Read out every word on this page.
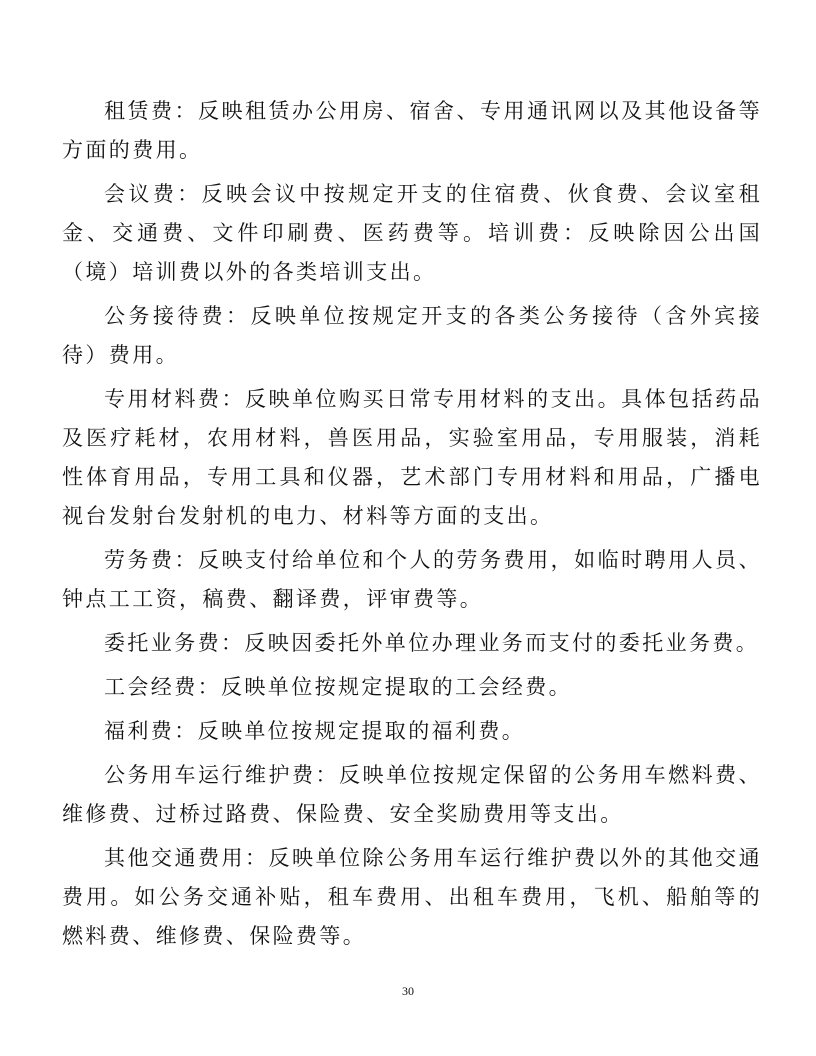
租赁费：反映租赁办公用房、宿舍、专用通讯网以及其他设备等方面的费用。

会议费：反映会议中按规定开支的住宿费、伙食费、会议室租金、交通费、文件印刷费、医药费等。培训费：反映除因公出国（境）培训费以外的各类培训支出。

公务接待费：反映单位按规定开支的各类公务接待（含外宾接待）费用。

专用材料费：反映单位购买日常专用材料的支出。具体包括药品及医疗耗材，农用材料，兽医用品，实验室用品，专用服装，消耗性体育用品，专用工具和仪器，艺术部门专用材料和用品，广播电视台发射台发射机的电力、材料等方面的支出。

劳务费：反映支付给单位和个人的劳务费用，如临时聘用人员、钟点工工资，稿费、翻译费，评审费等。

委托业务费：反映因委托外单位办理业务而支付的委托业务费。

工会经费：反映单位按规定提取的工会经费。

福利费：反映单位按规定提取的福利费。

公务用车运行维护费：反映单位按规定保留的公务用车燃料费、维修费、过桥过路费、保险费、安全奖励费用等支出。

其他交通费用：反映单位除公务用车运行维护费以外的其他交通费用。如公务交通补贴，租车费用、出租车费用，飞机、船舶等的燃料费、维修费、保险费等。

30
